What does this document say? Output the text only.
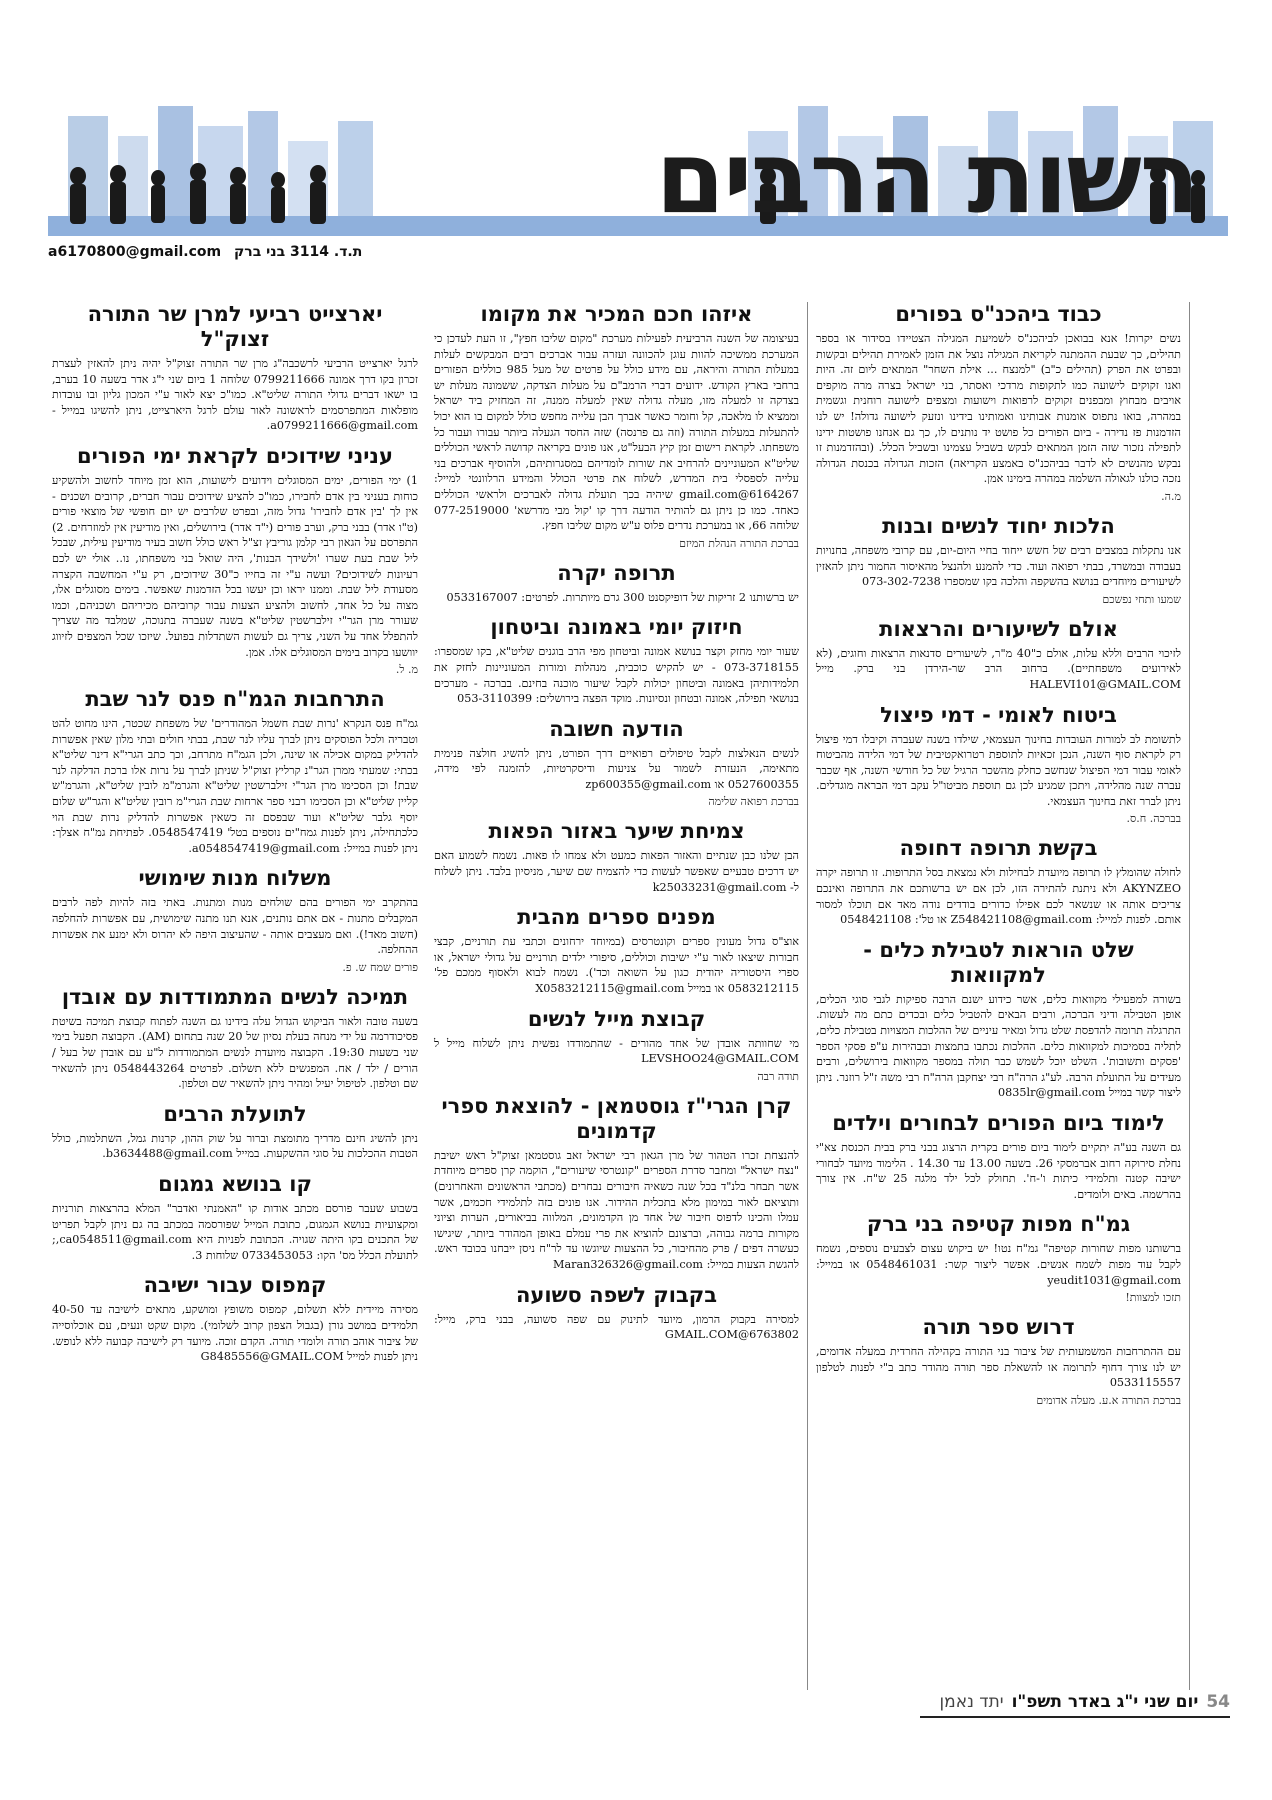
רשות הרבים
a6170800@gmail.com ת.ד. 3114 בני ברק
יארצייט רביעי למרן שר התורה זצוק"ל

לרגל יארצייט הרביעי לרשכבה"ג מרן שר התורה זצוק"ל יהיה ניתן להאזין לעצרת זכרון בקו דרך אמונה 0799211666 שלוחה 1 ביום שני י"ג אדר בשעה 10 בערב, בו ישאו דברים גדולי התורה שליט"א. כמו"כ יצא לאור ע"י המכון גליון ובו עובדות מופלאות המתפרסמים לראשונה לאור עולם לרגל היארצייט, ניתן להשיגו במייל - a0799211666@gmail.com.

עניני שידוכים לקראת ימי הפורים

1) ימי הפורים, ימים המסוגלים וידועים לישועות, הוא זמן מיוחד לחשוב ולהשקיע כוחות בעניני בין אדם לחבירו, כמו"כ להציע שידוכים עבור חברים, קרובים ושכנים - אין לך 'בין אדם לחבירו' גדול מזה, ובפרט שלרבים יש יום חופשי של מוצאי פורים (ט"ו אדר) בבני ברק, וערב פורים (י"ד אדר) בירושלים, ואין מודיעין אין למוזרחים. 2) התפרסם על הגאון רבי קלמן גוריבץ זצ"ל ראש כולל חשוב בעיר מודיעין עילית, שבכל ליל שבת בעת שערו 'ולשידך הבנות', היה שואל בני משפחתו, נו.. אולי יש לכם רעיונות לשידוכים? ועשה ע"י זה בחייו כ"30 שידוכים, רק ע"י המחשבה הקצרה מסעודת ליל שבת. וממנו יראו וכן יעשו בכל הזדמנות שאפשר. בימים מסוגלים אלו, מצוה על כל אחד, לחשוב ולהציע הצעות עבור קרוביהם מכיריהם ושכניהם, וכמו שעורר מרן הגר"י זילברשטין שליט"א בשנה שעברה בתנוכה, שמלבד מה שצריך להתפלל אחד על השני, צריך גם לעשות השתדלות בפועל. שיזכו שכל המצפים לזיווג יוושעו בקרוב בימים המסוגלים אלו. אמן.

מ. ל.
התרחבות הגמ"ח פנס לנר שבת

גמ"ח פנס הנקרא 'נרות שבת חשמל המהודרים' של משפחת שכטר, הינו מחוט להט וטבריה ולכל הפוסקים ניתן לברך עליו לנר שבת, בבתי חולים ובתי מלון שאין אפשרות להדליק במקום אכילה או שינה, ולכן הגמ"ח מתרחב, וכך כתב הגרי"א דינר שליט"א בכתי: שמעתי ממרן הגר"נ קרליץ זצוק"ל שניתן לברך על נרות אלו ברכת הדלקה לנר שבת! וכן הסכימו מרן הגר"י זילברשטין שליט"א והגרמ"מ לובין שליט"א, והגרמ"ש קליין שליט"א וכן הסכימו רבני ספר ארחות שבת הגרי"מ רובין שליט"א והגר"ש שלום יוסף גלבר שליט"א ועוד שבפסם זה כשאין אפשרות להדליק נרות שבת הוי כלכתחילה, ניתן לפנות גמח"ים נוספים בטל' 0548547419. לפתיחת גמ"ח אצלך: ניתן לפנות במייל: a0548547419@gmail.com.

משלוח מנות שימושי

בהתקרב ימי הפורים בהם שולחים מנות ומתנות. באתי בזה להיות לפה לרבים המקבלים מתנות - אם אתם נותנים, אנא תנו מתנה שימושית, עם אפשרות להחלפה (חשוב מאד!). ואם מעצבים אותה - שהעיצוב היפה לא יהרוס ולא ימנע את אפשרות ההחלפה.

פורים שמח ש. פ.
תמיכה לנשים המתמודדות עם אובדן

בשעה טובה ולאור הביקוש הגדול עלה בידינו גם השנה לפתוח קבוצת תמיכה בשיטת פסיכודרמה על ידי מנחה בעלת נסיון של 20 שנה בתחום (AM). הקבוצה תפעל בימי שני בשעות 19:30. הקבוצה מיועדת לנשים המתמודדות ל"ע עם אובדן של בעל / הורים / ילד / אח. המפגשים ללא תשלום. לפרטים 0548443264 ניתן להשאיר שם וטלפון. לטיפול יעיל ומהיר ניתן להשאיר שם וטלפון.

לתועלת הרבים

ניתן להשיג חינם מדריך מתומצת וברור על שוק ההון, קרנות גמל, השתלמות, כולל הטבות ההכלכות על סוגי ההשקעות. במייל b3634488@gmail.com.

קו בנושא גמגום

בשבוע שעבר פורסם מכתב אודות קו "האמנתי ואדבר" המלא בהרצאות תורניות ומקצועיות בנושא הגמגום, כתובת המייל שפורסמה במכתב בה גם ניתן לקבל תפריט של התכנים בקו היתה שגויה. הכתובת לפניות היא ca0548511@gmail.com,; לתועלת הכלל מס' הקו: 0733453053 שלוחות 3.

קמפוס עבור ישיבה

מסירה מיידית ללא תשלום, קמפוס משופץ ומושקע, מתאים לישיבה עד 40-50 תלמידים במושב גורן (בגבול הצפון קרוב לשלומי). מקום שקט ונעים, עם אוכלוסייה של ציבור אוהב תורה ולומדי תורה. הקדם זוכה. מיועד רק לישיבה קבועה ללא לנופש. ניתן לפנות למייל G8485556@GMAIL.COM

איזהו חכם המכיר את מקומו

בעיצומה של השנה הרביעית לפעילות מערכת "מקום שליבו חפץ", זו העת לעדכן כי המערכת ממשיכה להוות עוגן להכוונה ועזרה עבור אברכים רבים המבקשים לעלות במעלות התורה והיראה, עם מידע כולל על פרטים של מעל 985 כוללים הפזורים ברחבי בארץ הקודש. ידועים דברי הרמב"ם על מעלות הצדקה, ששמונה מעלות יש בצדקה זו למעלה מזו, מעלה גדולה שאין למעלה ממנה, זה המחזיק ביד ישראל וממציא לו מלאכה, קל וחומר כאשר אברך הבן עלייה מחפש כולל למקום בו הוא יכול להתעלות במעלות התורה (וזה גם פרנסה) שזה החסד הגעלה ביותר עבורו ועבור כל משפחתו. לקראת רישום זמן קיץ הבעל"ט, אנו פונים בקריאה קדושה לראשי הכוללים שליט"א המעוניינים להרחיב את שורות לומדיהם במסגרותיהם, ולהוסיף אברכים בני עלייה לספסלי בית המדרש, לשלוח את פרטי הכולל והמידע הרלוונטי למייל: 6164267@gmail.com שיהיה בכך תועלת גדולה לאברכים ולראשי הכוללים כאחד. כמו כן ניתן גם להותיר הודעה דרך קו 'קול מבי מדרשא' 077-2519000 שלוחה 66, או במערכת נדרים פלוס ע"ש מקום שליבו חפץ.

בברכת התורה הנהלת המיזם
תרופה יקרה

יש ברשותנו 2 זריקות של דופיקסנט 300 גרם מיותרות. לפרטים: 0533167007

חיזוק יומי באמונה וביטחון

שעור יומי מחזק וקצר בנושא אמונה וביטחון מפי הרב בוגנים שליט"א, בקו שמספרו: 073-3718155 - יש להקיש כוכבית, מנהלות ומורות המעוניינות לחזק את תלמידותיהן באמונה וביטחון יכולות לקבל שיעור מוכנה בחינם. בברכה - מערכים בנושאי תפילה, אמונה ובטחון ונסיונות. מוקד הפצה בירושלים: 053-3110399

הודעה חשובה

לנשים הנאלצות לקבל טיפולים רפואיים דרך הפורט, ניתן להשיג חולצה פנימית מתאימה, הנעזרת לשמור על צניעות ודיסקרטיות, להזמנה לפי מידה, 0527600355 או zp600355@gmail.com

בברכת רפואה שלימה
צמיחת שיער באזור הפאות

הבן שלנו כבן שנתיים והאזור הפאות כמעט ולא צמחו לו פאות. נשמח לשמוע האם יש דרכים טבעיים שאפשר לעשות כדי להצמיח שם שיער, מניסיון בלבד. ניתן לשלוח ל- k25033231@gmail.com

מפנים ספרים מהבית

אוצ"ס גדול מעונין ספרים וקונטרסים (במיוחד ירחונים וכתבי עת תורניים, קבצי חבורות שיצאו לאור ע"י ישיבות וכוללים, סיפורי ילדים תורניים על גדולי ישראל, או ספרי היסטוריה יהודית כגון על השואה וכד'). נשמח לבוא ולאסוף ממכם פל' 0583212115 או במייל X0583212115@gmail.com

קבוצת מייל לנשים

מי שחוותה אובדן של אחד מהורים - שהתמודדו נפשית ניתן לשלוח מייל ל LEVSHOO24@GMAIL.COM

תודה רבה
קרן הגרי"ז גוסטמאן - להוצאת ספרי קדמונים

להנצחת זכרו הטהור של מרן הגאון רבי ישראל זאב גוסטמאן זצוק"ל ראש ישיבת "נצח ישראל" ומחבר סדרת הספרים "קונטרסי שיעורים", הוקמה קרן ספרים מיוחדת אשר תבחר בלנ"ד בכל שנה כשאיה חיבורים נבחרים (מכתבי הראשונים והאחרונים) ותוציאם לאור במימון מלא בתכלית ההידור. אנו פונים בזה לתלמידי חכמים, אשר עמלו והכינו לדפוס חיבור של אחד מן הקדמונים, המלווה בביאורים, הערות וציוני מקורות ברמה גבוהה, וברצונם להוציא את פרי עמלם באופן המהודר ביותר, שיגישו כעשרה דפים / פרק מהחיבור, כל ההצעות שיוגשו עד לר"ח ניסן ייבחנו בכובד ראש. להגשת הצעות במייל: Maran326326@gmail.com

בקבוק לשפה סשועה

למסירה בקבוק הרמון, מיועד לתינוק עם שפה סשועה, בבני ברק, מייל: 6763802@GMAIL.COM

כבוד ביהכנ"ס בפורים

נשים יקרות! אנא בבואכן לביהכנ"ס לשמיעת המגילה הצטיידו בסידור או בספר תהילים, כך שבעת ההמתנה לקריאת המגילה נוצל את הזמן לאמירת תהילים ובקשות ובפרט את הפרק (תהילים כ"ב) "למנצח ... אילת השחר" המתאים ליום זה. היות ואנו זקוקים לישועה כמו לתקופות מרדכי ואסתר, בני ישראל בצרה מרה מוקפים אויבים מבחוץ ומבפנים זקוקים לרפואות וישועות ומצפים לישועה רוחנית וגשמית במהרה, בואו נתפוס אומנות אבותינו ואמותינו בידינו ונזעק לישועה גדולה! יש לנו הזדמנות פז נדירה - ביום הפורים כל פושט יד נותנים לו, כך גם אנחנו פושטות ידינו לתפילה נזכור שזה הזמן המתאים לבקש בשביל עצמינו ובשביל הכלל. (ובהזדמנות זו נבקש מהנשים לא לדבר בביהכנ"ס באמצע הקריאה) הזכות הגדולה בכנסת הגדולה נזכה כולנו לגאולה השלמה במהרה בימינו אמן.

מ.ה.
הלכות יחוד לנשים ובנות

אנו נתקלות במצבים רבים של חשש ייחוד בחיי היום-יום, עם קרובי משפחה, בחנויות בעבודה ובמשרד, בבתי רפואה ועוד. כדי להמנע ולהנצל מהאיסור החמור ניתן להאזין לשיעורים מיוחדים בנושא בהשקפה והלכה בקו שמספרו 073-302-7238

שמעו ותחי נפשכם
אולם לשיעורים והרצאות

לזיכוי הרבים וללא עלות, אולם כ"40 מ"ר, לשיעורים סדנאות הרצאות וחוגים, (לא לאירועים משפחתיים). ברחוב הרב שר-הירדן בני ברק. מייל HALEVI101@GMAIL.COM

ביטוח לאומי - דמי פיצול

לתשומת לב למורות העובדות בחינוך העצמאי, שילדו בשנה שעברה וקיבלו דמי פיצול רק לקראת סוף השנה, הנכן זכאיות לתוספת רטרואקטיבית של דמי הלידה מהביטוח לאומי עבור דמי הפיצול שנחשב כחלק מהשכר הרגיל של כל חודשי השנה, אף שכבר עברה שנה מהלידה, ויתכן שמגיע לכן גם תוספת מביטו"ל עקב דמי הבראה מוגדלים. ניתן לברר זאת בחינוך העצמאי.

בברכה. ח.ס.
בקשת תרופה דחופה

לחולה שהומלץ לו תרופה מיועדת לבחילות ולא נמצאת בסל התרופות. זו תרופה יקרה AKYNZEO ולא ניתנת להתירה הזו, לכן אם יש ברשותכם את התרופה ואינכם צריכים אותה או שנשאר לכם אפילו כדורים בודדים נודה מאד אם תוכלו למסור אותם. לפנות למייל: Z548421108@gmail.com או טל': 0548421108

שלט הוראות לטבילת כלים - למקוואות

בשורה למפעילי מקוואות כלים, אשר כידוע ישנם הרבה ספיקות לגבי סוגי הכלים, אופן הטבילה ודיני הברכה, ורבים הבאים להטביל כלים ובכדים כתם מה לעשות. התרגלה תרומה להדפסת שלט גדול ומאיר עיניים של ההלכות המצויות בטבילת כלים, לתליה בסמיכות למקוואות כלים. ההלכות נכתבו בתמצות ובבהירות ע"פ פסקי הספר 'פסקים ותשובות'. השלט יוכל לשמש כבר תולה במספר מקוואות בירושלים, ורבים מעידים על התועלת הרבה. לע"ג הרה"ח רבי יצחקבן הרה"ח רבי משה ז"ל רוזנר. ניתן ליצור קשר במייל 0835lr@gmail.com

לימוד ביום הפורים לבחורים וילדים

גם השנה בע"ה יתקיים לימוד ביום פורים בקרית הרצוג בבני ברק בבית הכנסת צא"י נחלת סירוקה רחוב אברמסקי 26. בשעה 13.00 עד 14.30 . הלימוד מיועד לבחורי ישיבה קטנה ותלמידי כיתות ו'-ח'. תחולק לכל ילד מלגה 25 ש"ח. אין צורך בהרשמה. באים ולומדים.

גמ"ח מפות קטיפה בני ברק

ברשותנו מפות שחורות קטיפה" גמ"ח נטו! יש ביקוש עצום לצבעים נוספים, נשמח לקבל עוד מפות לשמח אנשים. אפשר ליצור קשר: 0548461031 או במייל: yeudit1031@gmail.com

תזכו למצוות!
דרוש ספר תורה

עם ההתרחבות המשמעותית של ציבור בני התורה בקהילה החרדית במעלה אדומים, יש לנו צורך דחוף לתרומה או להשאלת ספר תורה מהודר כתב ב"י לפנות לטלפון 0533115557

בברכת התורה א.ע. מעלה אדומים
54
יום שני י"ג באדר תשפ"ו
יתד נאמן
